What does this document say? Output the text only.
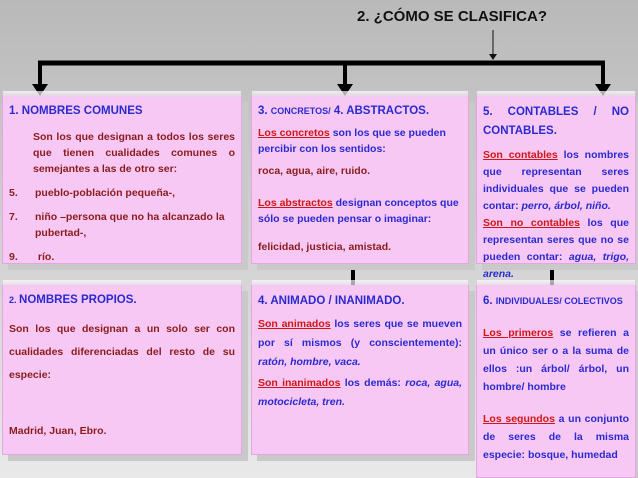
2. ¿CÓMO SE CLASIFICA?

1. NOMBRES COMUNES

Son los que designan a todos los seres que tienen cualidades comunes o semejantes a las de otro ser:

5. pueblo-población pequeña-,

7.	niño –persona que no ha alcanzado la pubertad-,

9. río.

3. CONCRETOS/ 4. ABSTRACTOS.

Los concretos son los que se pueden percibir con los sentidos:

roca, agua, aire, ruido.

Los abstractos designan conceptos que sólo se pueden pensar o imaginar:

felicidad, justicia, amistad.

5. CONTABLES / NO CONTABLES.

Son contables los nombres que representan seres individuales que se pueden contar: perro, árbol, niño.

Son no contables los que representan seres que no se pueden contar: agua, trigo, arena.

2. NOMBRES PROPIOS.

Son los que designan a un solo ser con cualidades diferenciadas del resto de su especie:

Madrid, Juan, Ebro.

4. ANIMADO / INANIMADO.

Son animados los seres que se mueven por sí mismos (y conscientemente): ratón, hombre, vaca.

Son inanimados los demás: roca, agua, motocicleta, tren.

6. INDIVIDUALES/ COLECTIVOS

Los primeros se refieren a un único ser o a la suma de ellos :un árbol/ árbol, un hombre/ hombre

Los segundos a un conjunto de seres de la misma especie: bosque, humedad
